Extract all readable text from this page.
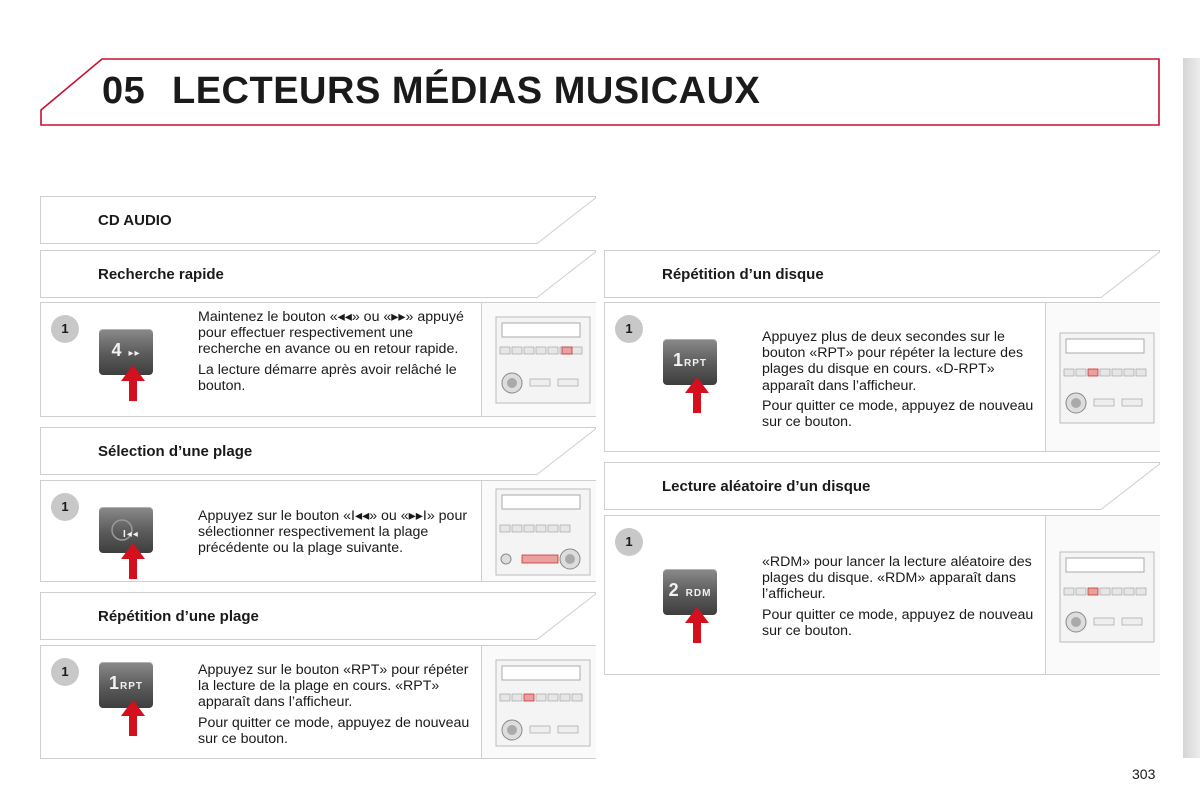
05 LECTEURS MÉDIAS MUSICAUX
CD AUDIO
Recherche rapide
1
4 ▸▸

Maintenez le bouton «◂◂» ou «▸▸» appuyé pour effectuer respectivement une recherche en avance ou en retour rapide.

La lecture démarre après avoir relâché le bouton.

Sélection d’une plage
1
I◂◂

Appuyez sur le bouton «I◂◂» ou «▸▸I» pour sélectionner respectivement la plage précédente ou la plage suivante.

Répétition d’une plage
1
1RPT

Appuyez sur le bouton «RPT» pour répéter la lecture de la plage en cours. «RPT» apparaît dans l’afficheur.

Pour quitter ce mode, appuyez de nouveau sur ce bouton.

Répétition d’un disque
1
1RPT

Appuyez plus de deux secondes sur le bouton «RPT» pour répéter la lecture des plages du disque en cours. «D-RPT» apparaît dans l’afficheur.

Pour quitter ce mode, appuyez de nouveau sur ce bouton.

Lecture aléatoire d’un disque
1
2 RDM

«RDM» pour lancer la lecture aléatoire des plages du disque. «RDM» apparaît dans l’afficheur.

Pour quitter ce mode, appuyez de nouveau sur ce bouton.

303
